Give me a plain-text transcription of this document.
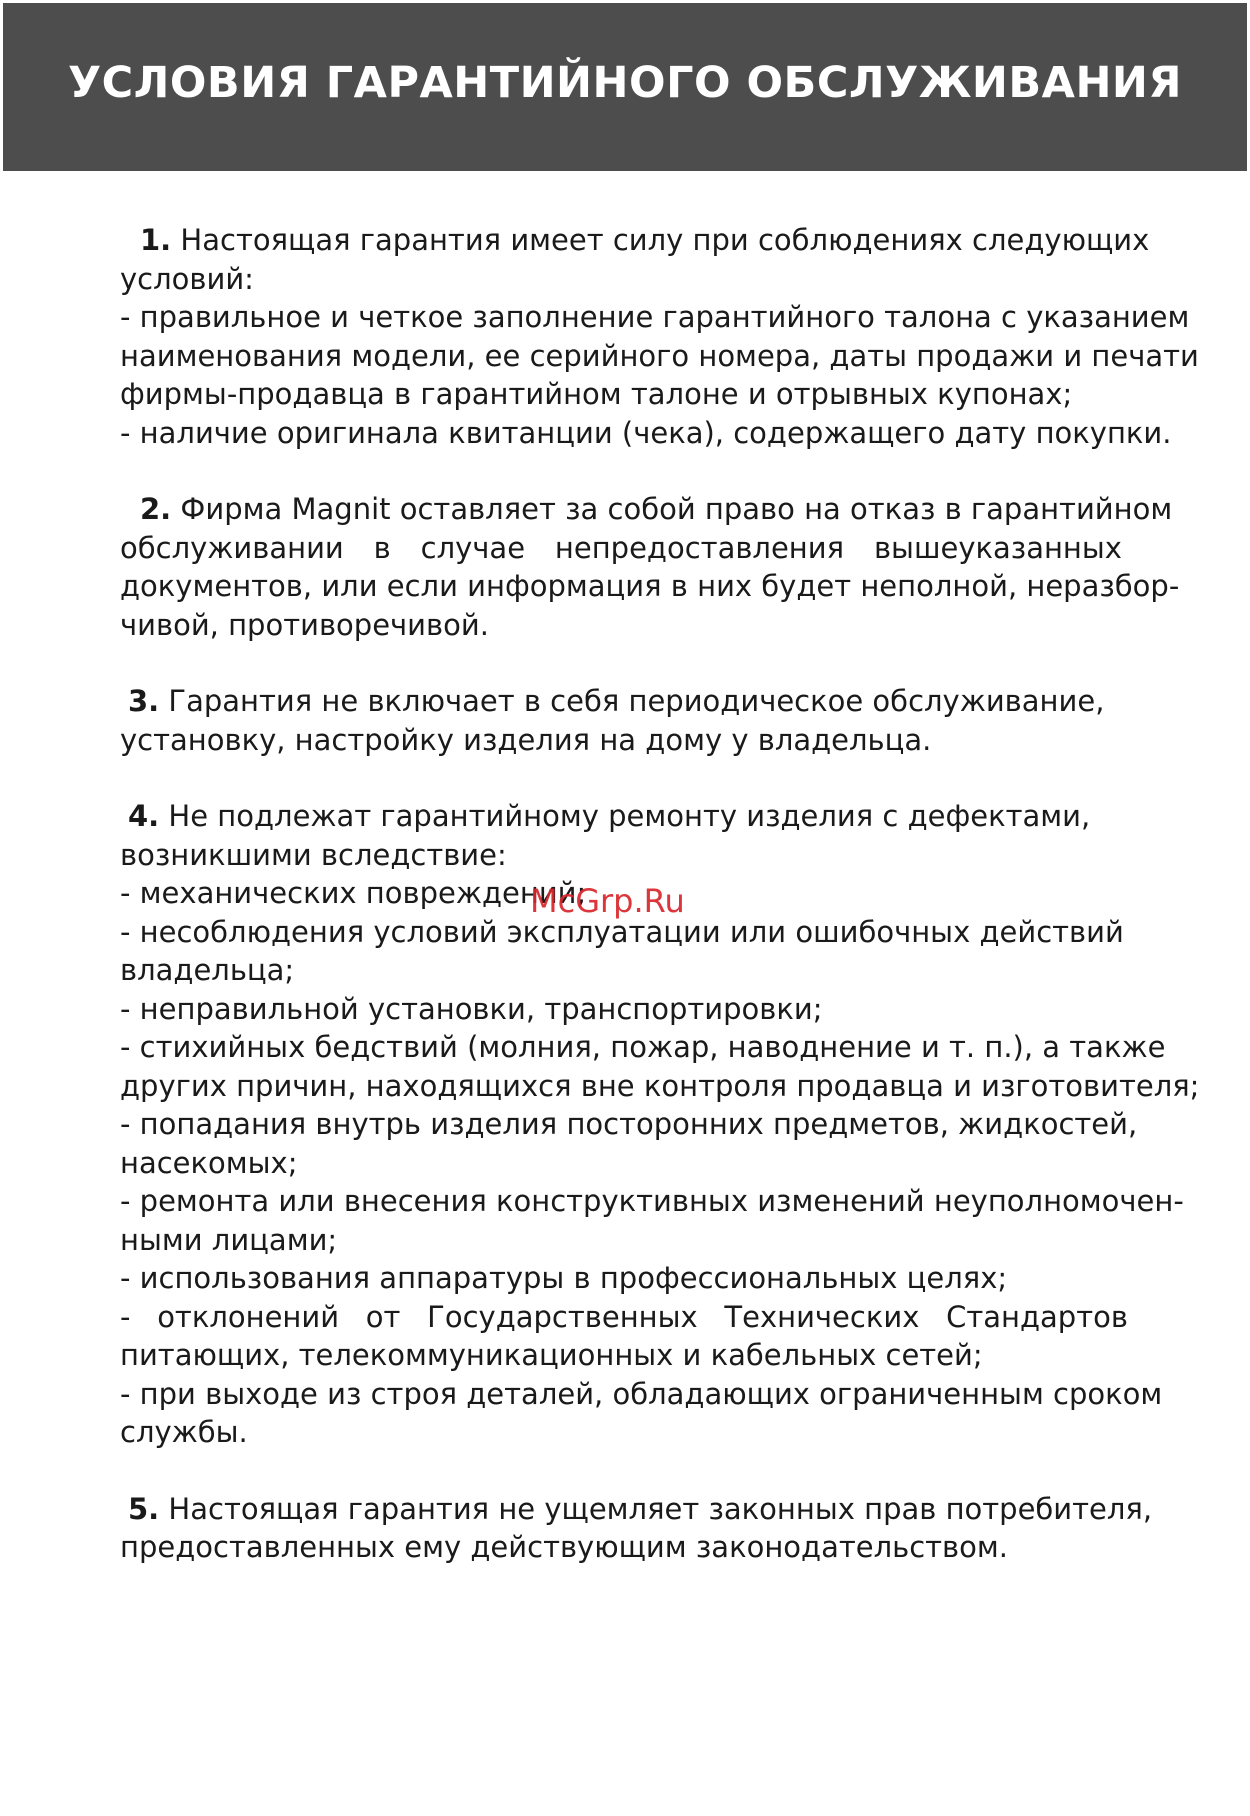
УСЛОВИЯ ГАРАНТИЙНОГО ОБСЛУЖИВАНИЯ
1. Настоящая гарантия имеет силу при соблюдениях следующих
условий:
- правильное и четкое заполнение гарантийного талона с указанием
наименования модели, ее серийного номера, даты продажи и печати
фирмы-продавца в гарантийном талоне и отрывных купонах;
- наличие оригинала квитанции (чека), содержащего дату покупки.
2. Фирма Magnit оставляет за собой право на отказ в гарантийном
обслуживании в случае непредоставления вышеуказанных
документов, или если информация в них будет неполной, неразбор-
чивой, противоречивой.
3. Гарантия не включает в себя периодическое обслуживание,
установку, настройку изделия на дому у владельца.
4. Не подлежат гарантийному ремонту изделия с дефектами,
возникшими вследствие:
- механических повреждений;
- несоблюдения условий эксплуатации или ошибочных действий
владельца;
- неправильной установки, транспортировки;
- стихийных бедствий (молния, пожар, наводнение и т. п.), а также
других причин, находящихся вне контроля продавца и изготовителя;
- попадания внутрь изделия посторонних предметов, жидкостей,
насекомых;
- ремонта или внесения конструктивных изменений неуполномочен-
ными лицами;
- использования аппаратуры в профессиональных целях;
- отклонений от Государственных Технических Стандартов
питающих, телекоммуникационных и кабельных сетей;
- при выходе из строя деталей, обладающих ограниченным сроком
службы.
5. Настоящая гарантия не ущемляет законных прав потребителя,
предоставленных ему действующим законодательством.
McGrp.Ru
